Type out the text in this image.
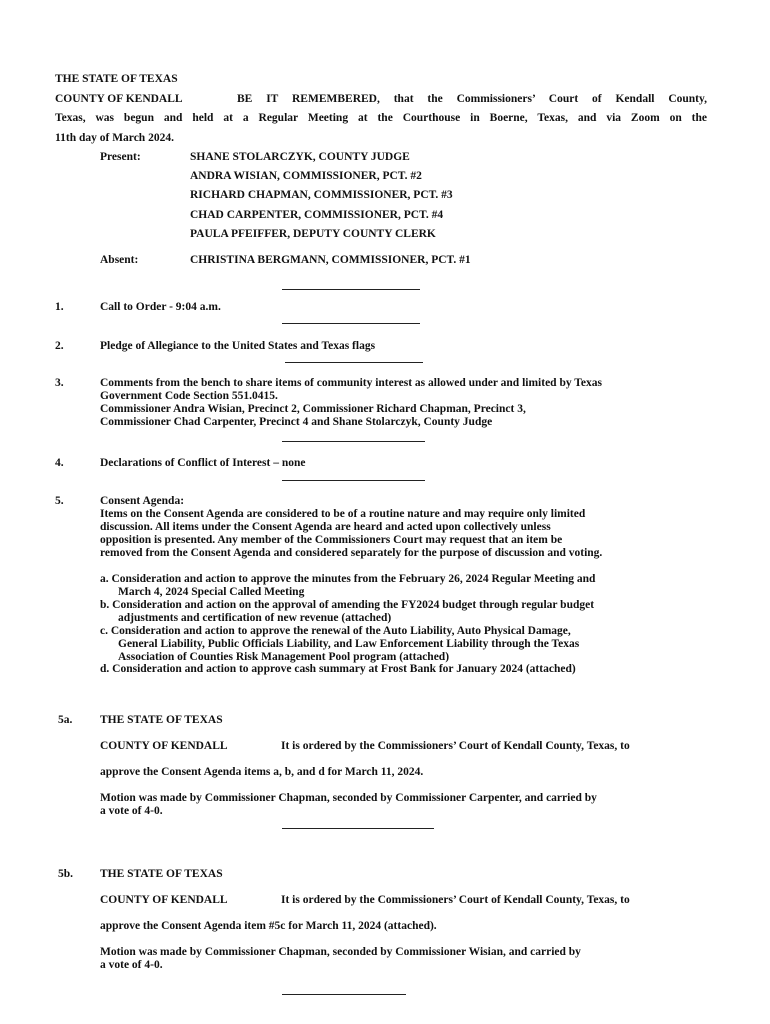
THE STATE OF TEXAS
COUNTY OF KENDALL	BE IT REMEMBERED, that the Commissioners’ Court of Kendall County,
Texas, was begun and held at a Regular Meeting at the Courthouse in Boerne, Texas, and via Zoom on the
11th day of March 2024.
Present:	SHANE STOLARCZYK, COUNTY JUDGE
ANDRA WISIAN, COMMISSIONER, PCT. #2
RICHARD CHAPMAN, COMMISSIONER, PCT. #3
CHAD CARPENTER, COMMISSIONER, PCT. #4
PAULA PFEIFFER, DEPUTY COUNTY CLERK
Absent:	CHRISTINA BERGMANN, COMMISSIONER, PCT. #1
1.	Call to Order - 9:04 a.m.
2.	Pledge of Allegiance to the United States and Texas flags
3.	Comments from the bench to share items of community interest as allowed under and limited by Texas
Government Code Section 551.0415.
Commissioner Andra Wisian, Precinct 2, Commissioner Richard Chapman, Precinct 3,
Commissioner Chad Carpenter, Precinct 4 and Shane Stolarczyk, County Judge
4.	Declarations of Conflict of Interest – none
5.	Consent Agenda:
Items on the Consent Agenda are considered to be of a routine nature and may require only limited
discussion. All items under the Consent Agenda are heard and acted upon collectively unless
opposition is presented. Any member of the Commissioners Court may request that an item be
removed from the Consent Agenda and considered separately for the purpose of discussion and voting.
a. Consideration and action to approve the minutes from the February 26, 2024 Regular Meeting and
March 4, 2024 Special Called Meeting
b. Consideration and action on the approval of amending the FY2024 budget through regular budget
adjustments and certification of new revenue (attached)
c. Consideration and action to approve the renewal of the Auto Liability, Auto Physical Damage,
General Liability, Public Officials Liability, and Law Enforcement Liability through the Texas
Association of Counties Risk Management Pool program (attached)
d. Consideration and action to approve cash summary at Frost Bank for January 2024 (attached)
5a. THE STATE OF TEXAS
COUNTY OF KENDALL	It is ordered by the Commissioners’ Court of Kendall County, Texas, to
approve the Consent Agenda items a, b, and d for March 11, 2024.
Motion was made by Commissioner Chapman, seconded by Commissioner Carpenter, and carried by
a vote of 4-0.
5b. THE STATE OF TEXAS
COUNTY OF KENDALL	It is ordered by the Commissioners’ Court of Kendall County, Texas, to
approve the Consent Agenda item #5c for March 11, 2024 (attached).
Motion was made by Commissioner Chapman, seconded by Commissioner Wisian, and carried by
a vote of 4-0.
